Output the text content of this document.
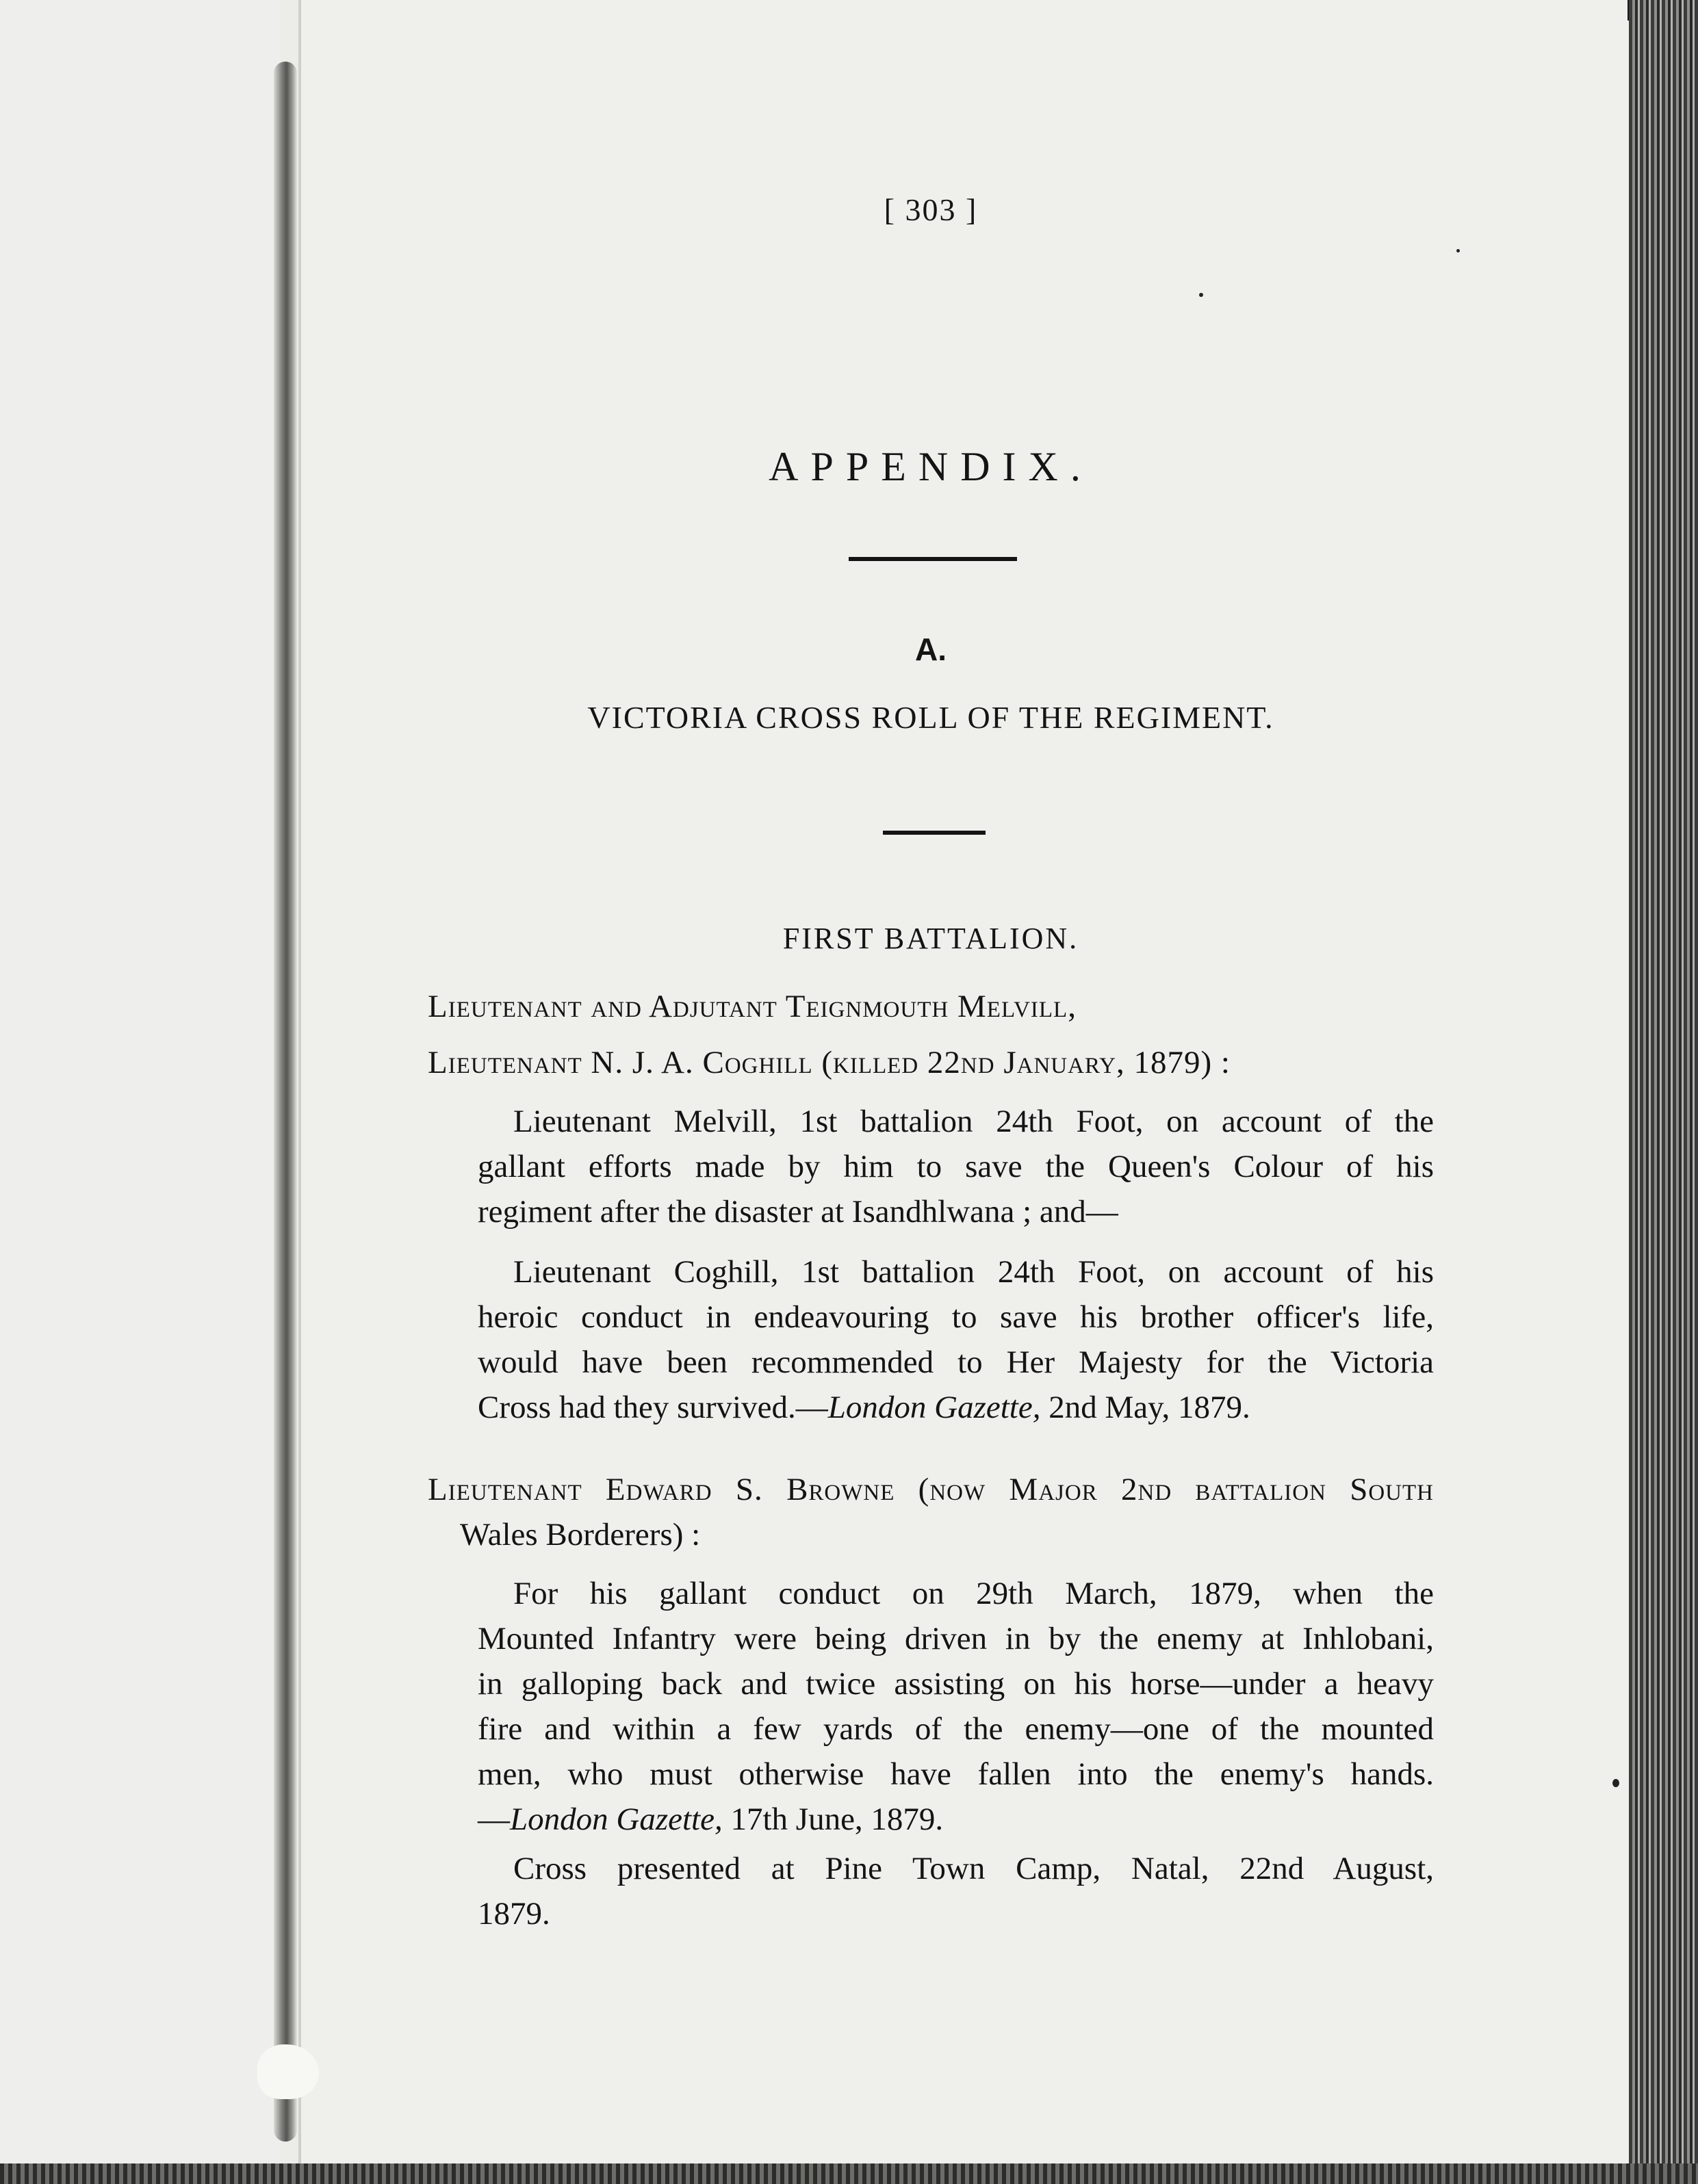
[ 303 ]
APPENDIX.
A.
VICTORIA CROSS ROLL OF THE REGIMENT.
FIRST BATTALION.
Lieutenant and Adjutant Teignmouth Melvill,
Lieutenant N. J. A. Coghill (killed 22nd January, 1879) :
Lieutenant Melvill, 1st battalion 24th Foot, on account of the
gallant efforts made by him to save the Queen's Colour of his
regiment after the disaster at Isandhlwana ; and—
Lieutenant Coghill, 1st battalion 24th Foot, on account of his
heroic conduct in endeavouring to save his brother officer's life,
would have been recommended to Her Majesty for the Victoria
Cross had they survived.—London Gazette, 2nd May, 1879.
Lieutenant Edward S. Browne (now Major 2nd battalion South
Wales Borderers) :
For his gallant conduct on 29th March, 1879, when the
Mounted Infantry were being driven in by the enemy at Inhlobani,
in galloping back and twice assisting on his horse—under a heavy
fire and within a few yards of the enemy—one of the mounted
men, who must otherwise have fallen into the enemy's hands.
—London Gazette, 17th June, 1879.
Cross presented at Pine Town Camp, Natal, 22nd August,
1879.
